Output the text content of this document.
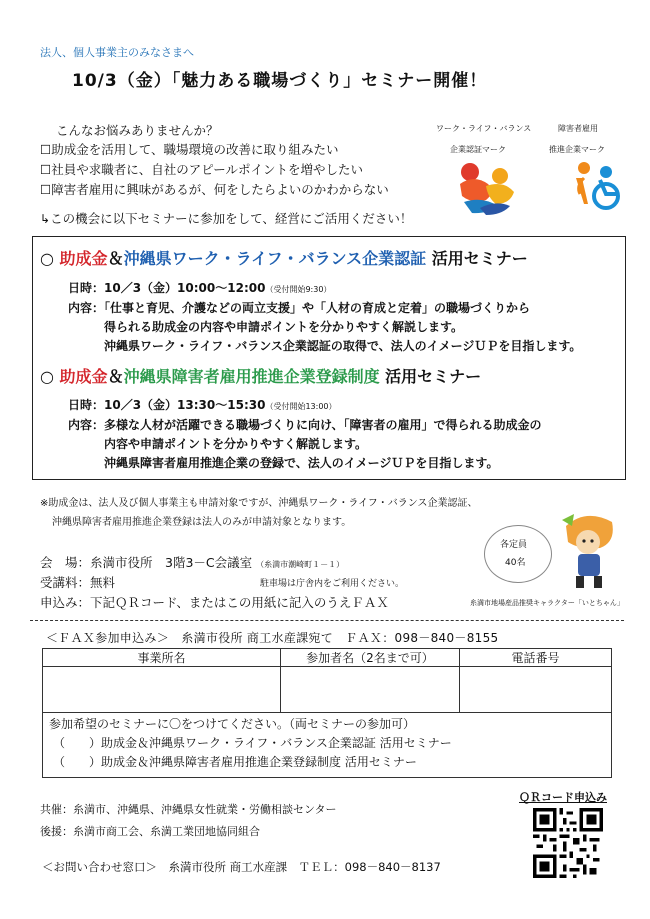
法人、個人事業主のみなさまへ
10/3（金）「魅力ある職場づくり」セミナー開催！
こんなお悩みありませんか？
☐助成金を活用して、職場環境の改善に取り組みたい
☐社員や求職者に、自社のアピールポイントを増やしたい
☐障害者雇用に興味があるが、何をしたらよいのかわからない
↳この機会に以下セミナーに参加をして、経営にご活用ください！
ワーク・ライフ・バランス
企業認証マーク
障害者雇用
推進企業マーク
○ 助成金＆沖縄県ワーク・ライフ・バランス企業認証 活用セミナー
日時：10／3（金）10:00～12:00（受付開始9:30）
内容：「仕事と育児、介護などの両立支援」や「人材の育成と定着」の職場づくりから
得られる助成金の内容や申請ポイントを分かりやすく解説します。
沖縄県ワーク・ライフ・バランス企業認証の取得で、法人のイメージＵＰを目指します。
○ 助成金＆沖縄県障害者雇用推進企業登録制度 活用セミナー
日時：10／3（金）13:30～15:30（受付開始13:00）
内容：多様な人材が活躍できる職場づくりに向け、「障害者の雇用」で得られる助成金の
内容や申請ポイントを分かりやすく解説します。
沖縄県障害者雇用推進企業の登録で、法人のイメージＵＰを目指します。
※助成金は、法人及び個人事業主も申請対象ですが、沖縄県ワーク・ライフ・バランス企業認証、
沖縄県障害者雇用推進企業登録は法人のみが申請対象となります。
各定員
40名
糸満市地場産品推奨キャラクター「いとちゃん」
会　場：糸満市役所　3階3－C会議室 （糸満市潮崎町１－１）
受講料：無料	駐車場は庁舎内をご利用ください。
申込み：下記ＱＲコード、またはこの用紙に記入のうえＦＡＸ
＜ＦＡＸ参加申込み＞　糸満市役所 商工水産課宛て　ＦＡＸ：098－840－8155
事業所名	参加者名（2名まで可）	電話番号

参加希望のセミナーに〇をつけてください。（両セミナーの参加可）
（　　）助成金＆沖縄県ワーク・ライフ・バランス企業認証 活用セミナー
（　　）助成金＆沖縄県障害者雇用推進企業登録制度 活用セミナー		
共催：糸満市、沖縄県、沖縄県女性就業・労働相談センター
後援：糸満市商工会、糸満工業団地協同組合
＜お問い合わせ窓口＞　糸満市役所 商工水産課　ＴＥＬ：098－840－8137
ＱＲコード申込み
